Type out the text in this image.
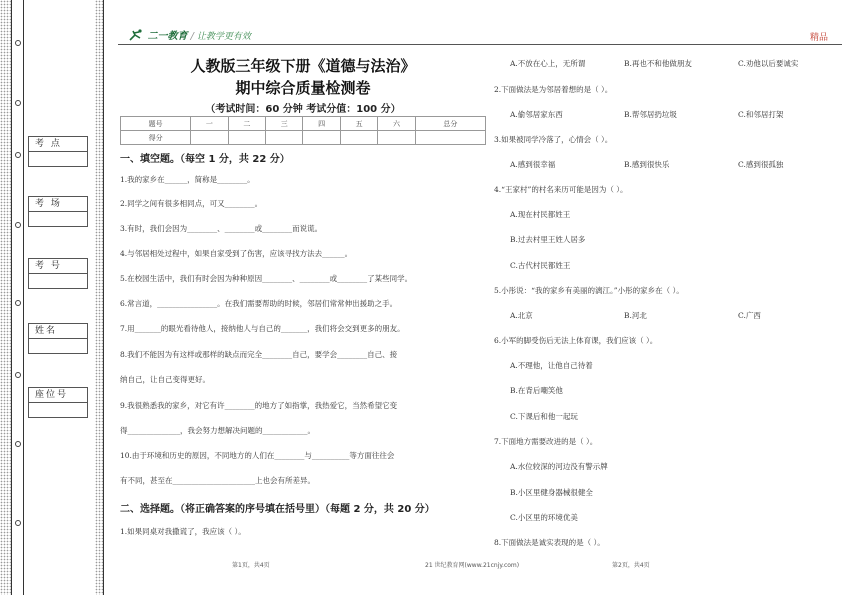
考 点
考 场
考 号
姓名
座位号
二一教育 / 让教学更有效	精品
人教版三年级下册《道德与法治》
期中综合质量检测卷
（考试时间：60 分钟 考试分值：100 分）
题号	一	二	三	四	五	六	总分
得分							
一、填空题。（每空 1 分，共 22 分）
1.我的家乡在______，简称是________。
2.同学之间有很多相同点，可又________。
3.有时，我们会因为________、________或________而说谎。
4.与邻居相处过程中，如果自家受到了伤害，应该寻找方法去______。
5.在校园生活中，我们有时会因为种种原因________、________或________了某些同学。
6.常言道，________________。在我们需要帮助的时候，邻居们常常伸出援助之手。
7.用_______的眼光看待他人，接纳他人与自己的_______，我们将会交到更多的朋友。
8.我们不能因为有这样或那样的缺点而完全________自己，要学会________自己、接
纳自己，让自己变得更好。
9.我很熟悉我的家乡，对它有许________的地方了如指掌，我热爱它，当然希望它变
得______________，我会努力想解决问题的____________。
10.由于环境和历史的原因，不同地方的人们在________与__________等方面往往会
有不同，甚至在______________________上也会有所差异。
二、选择题。（将正确答案的序号填在括号里）（每题 2 分，共 20 分）
1.如果同桌对我撒谎了，我应该（ ）。
A.不放在心上，无所谓	B.再也不和他做朋友	C.劝他以后要诚实
2.下面做法是为邻居着想的是（ ）。
A.偷邻居家东西	B.帮邻居扔垃圾	C.和邻居打架
3.如果被同学冷落了，心情会（ ）。
A.感到很幸福	B.感到很快乐	C.感到很孤独
4.“王家村”的村名来历可能是因为（ ）。
A.现在村民都姓王
B.过去村里王姓人居多
C.古代村民都姓王
5.小彤说：“我的家乡有美丽的漓江。”小彤的家乡在（ ）。
A.北京	B.河北	C.广西
6.小军的脚受伤后无法上体育课，我们应该（ ）。
A.不理他，让他自己待着
B.在背后嘲笑他
C.下课后和他一起玩
7.下面地方需要改进的是（ ）。
A.水位较深的河边没有警示牌
B.小区里健身器械很健全
C.小区里的环境优美
8.下面做法是诚实表现的是（ ）。
第1页，共4页	21 世纪教育网(www.21cnjy.com)	第2页，共4页
